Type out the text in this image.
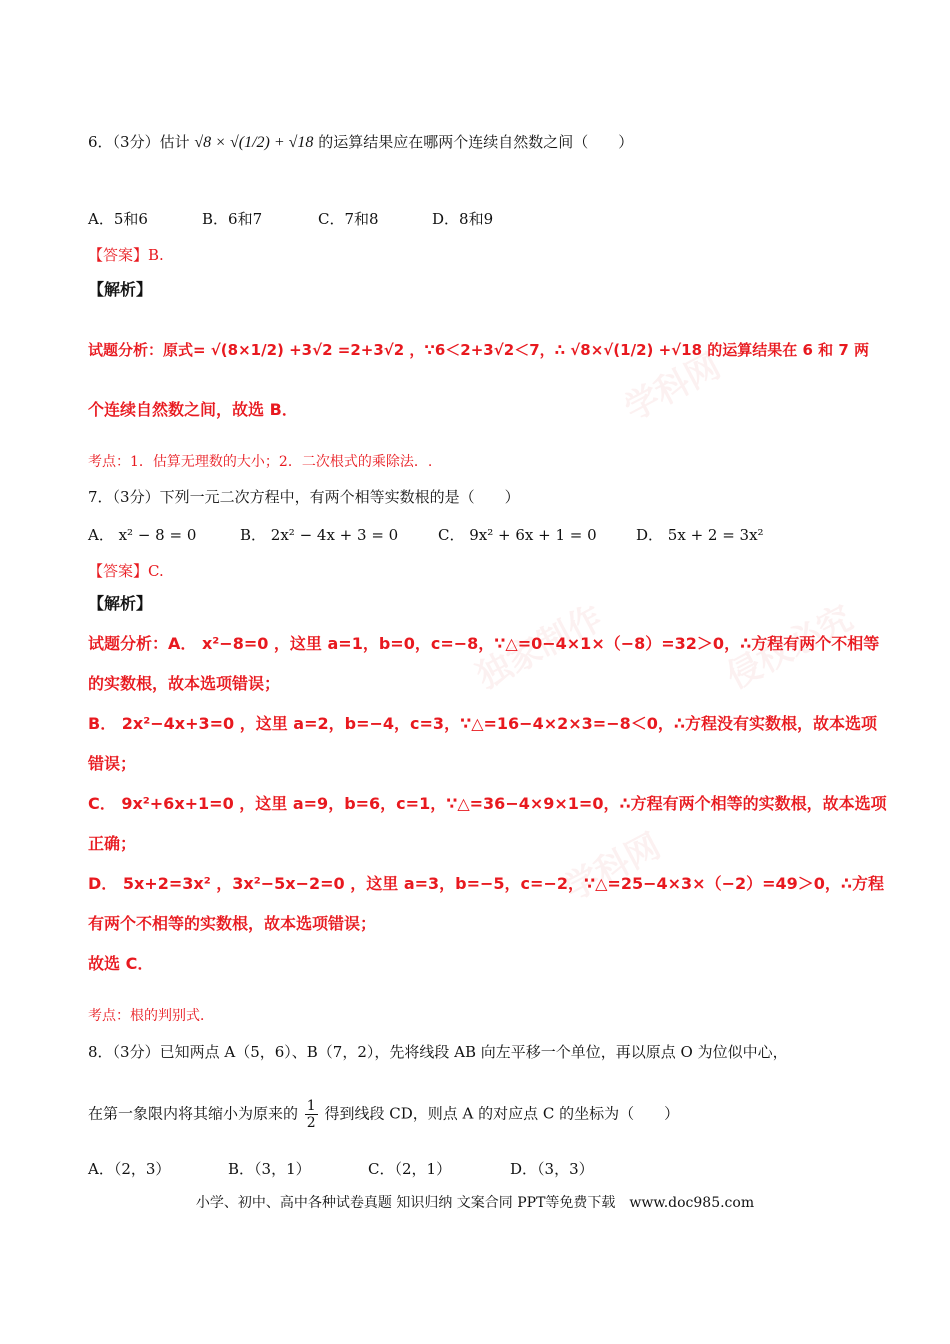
学科网
独家制作	侵权必究
学科网
6．（3分）估计 √8 × √(1/2) + √18 的运算结果应在哪两个连续自然数之间（　　）
A．5和6	B．6和7	C．7和8	D．8和9
【答案】B.
【解析】
试题分析：原式= √(8×1/2) +3√2 =2+3√2 ，∵6＜2+3√2＜7，∴ √8×√(1/2) +√18 的运算结果在 6 和 7 两
个连续自然数之间，故选 B．
考点：1．估算无理数的大小；2．二次根式的乘除法．.
7．（3分）下列一元二次方程中，有两个相等实数根的是（　　）
A． x² − 8 = 0	B． 2x² − 4x + 3 = 0	C． 9x² + 6x + 1 = 0	D． 5x + 2 = 3x²
【答案】C.
【解析】
试题分析：A． x²−8=0 ，这里 a=1，b=0，c=−8，∵△=0−4×1×（−8）=32＞0，∴方程有两个不相等
的实数根，故本选项错误；
B． 2x²−4x+3=0 ，这里 a=2，b=−4，c=3，∵△=16−4×2×3=−8＜0，∴方程没有实数根，故本选项
错误；
C． 9x²+6x+1=0 ，这里 a=9，b=6，c=1，∵△=36−4×9×1=0，∴方程有两个相等的实数根，故本选项
正确；
D． 5x+2=3x² ，3x²−5x−2=0 ，这里 a=3，b=−5，c=−2，∵△=25−4×3×（−2）=49＞0，∴方程
有两个不相等的实数根，故本选项错误；
故选 C．
考点：根的判别式．
8．（3分）已知两点 A（5，6）、B（7，2），先将线段 AB 向左平移一个单位，再以原点 O 为位似中心，
在第一象限内将其缩小为原来的 $\frac{1}{2}$ 得到线段 CD，则点 A 的对应点 C 的坐标为（　　）
A．（2，3）	B．（3，1）	C．（2，1）	D．（3，3）
小学、初中、高中各种试卷真题 知识归纳 文案合同 PPT等免费下载　www.doc985.com
